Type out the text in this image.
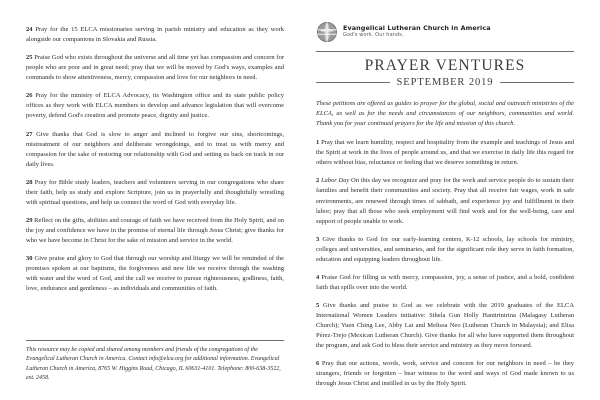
24 Pray for the 15 ELCA missionaries serving in parish ministry and education as they work alongside our companions in Slovakia and Russia.
25 Praise God who exists throughout the universe and all time yet has compassion and concern for people who are poor and in great need; pray that we will be moved by God's ways, examples and commands to show attentiveness, mercy, compassion and love for our neighbors in need.
26 Pray for the ministry of ELCA Advocacy, its Washington office and its state public policy offices as they work with ELCA members to develop and advance legislation that will overcome poverty, defend God's creation and promote peace, dignity and justice.
27 Give thanks that God is slow to anger and inclined to forgive our sins, shortcomings, mistreatment of our neighbors and deliberate wrongdoings, and to treat us with mercy and compassion for the sake of restoring our relationship with God and setting us back on track in our daily lives.
28 Pray for Bible study leaders, teachers and volunteers serving in our congregations who share their faith, help us study and explore Scripture, join us in prayerfully and thoughtfully wrestling with spiritual questions, and help us connect the word of God with everyday life.
29 Reflect on the gifts, abilities and courage of faith we have received from the Holy Spirit, and on the joy and confidence we have in the promise of eternal life through Jesus Christ; give thanks for who we have become in Christ for the sake of mission and service in the world.
30 Give praise and glory to God that through our worship and liturgy we will be reminded of the promises spoken at our baptisms, the forgiveness and new life we receive through the washing with water and the word of God, and the call we receive to pursue righteousness, godliness, faith, love, endurance and gentleness – as individuals and communities of faith.
This resource may be copied and shared among members and friends of the congregations of the Evangelical Lutheran Church in America. Contact info@elca.org for additional information. Evangelical Lutheran Church in America, 8765 W. Higgins Road, Chicago, IL 60631-4101. Telephone: 800-638-3522, ext. 2458.
Evangelical Lutheran Church in America
God's work. Our hands.
PRAYER VENTURES
SEPTEMBER 2019
These petitions are offered as guides to prayer for the global, social and outreach ministries of the ELCA, as well as for the needs and circumstances of our neighbors, communities and world. Thank you for your continued prayers for the life and mission of this church.
1 Pray that we learn humility, respect and hospitality from the example and teachings of Jesus and the Spirit at work in the lives of people around us, and that we exercise in daily life this regard for others without bias, reluctance or feeling that we deserve something in return.
2 Labor Day On this day we recognize and pray for the work and service people do to sustain their families and benefit their communities and society. Pray that all receive fair wages, work in safe environments, are renewed through times of sabbath, and experience joy and fulfillment in their labor; pray that all those who seek employment will find work and for the well-being, care and support of people unable to work.
3 Give thanks to God for our early-learning centers, K-12 schools, lay schools for ministry, colleges and universities, and seminaries, and for the significant role they serve in faith formation, education and equipping leaders throughout life.
4 Praise God for filling us with mercy, compassion, joy, a sense of justice, and a bold, confident faith that spills over into the world.
5 Give thanks and praise to God as we celebrate with the 2019 graduates of the ELCA International Women Leaders initiative: Sthela Gun Holly Hanitrinirina (Malagasy Lutheran Church); Yuen Ching Lee, Abby Lai and Melissa Neo (Lutheran Church in Malaysia); and Elisa Pérez-Trejo (Mexican Lutheran Church). Give thanks for all who have supported them throughout the program, and ask God to bless their service and ministry as they move forward.
6 Pray that our actions, words, work, service and concern for our neighbors in need – be they strangers, friends or forgotten – bear witness to the word and ways of God made known to us through Jesus Christ and instilled in us by the Holy Spirit.
